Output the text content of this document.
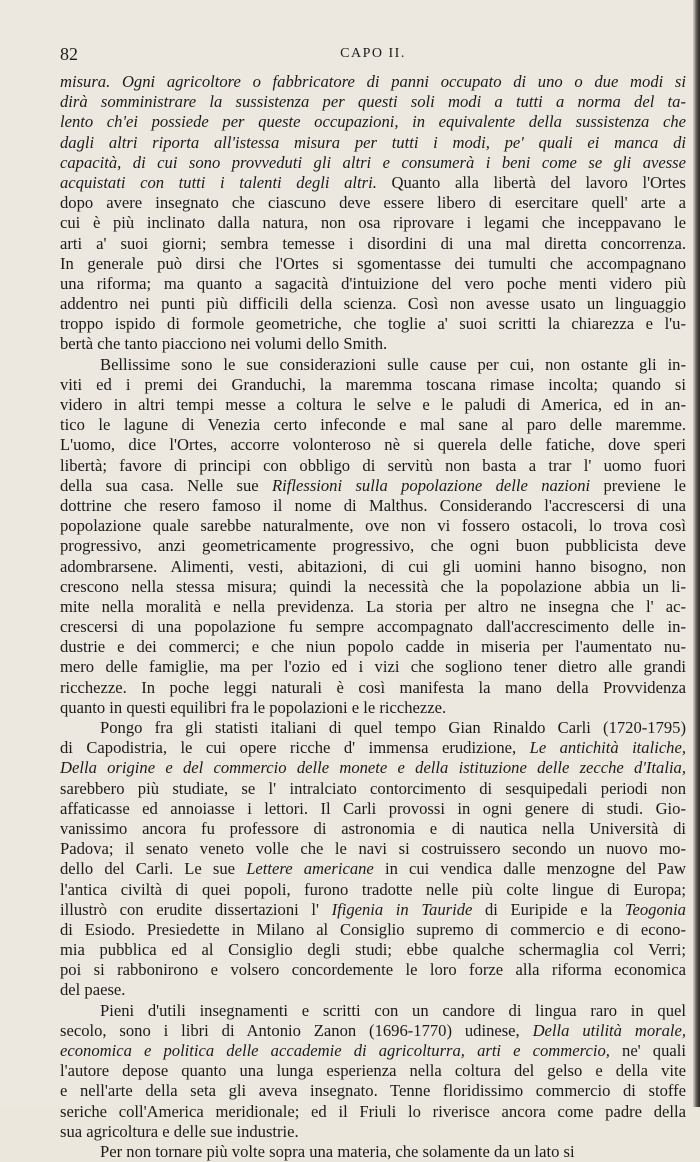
82	CAPO II.
misura. Ogni agricoltore o fabbricatore di panni occupato di uno o due modi si
dirà somministrare la sussistenza per questi soli modi a tutti a norma del ta-
lento ch'ei possiede per queste occupazioni, in equivalente della sussistenza che
dagli altri riporta all'istessa misura per tutti i modi, pe' quali ei manca di
capacità, di cui sono provveduti gli altri e consumerà i beni come se gli avesse
acquistati con tutti i talenti degli altri. Quanto alla libertà del lavoro l'Ortes
dopo avere insegnato che ciascuno deve essere libero di esercitare quell' arte a
cui è più inclinato dalla natura, non osa riprovare i legami che inceppavano le
arti a' suoi giorni; sembra temesse i disordini di una mal diretta concorrenza.
In generale può dirsi che l'Ortes si sgomentasse dei tumulti che accompagnano
una riforma; ma quanto a sagacità d'intuizione del vero poche menti videro più
addentro nei punti più difficili della scienza. Così non avesse usato un linguaggio
troppo ispido di formole geometriche, che toglie a' suoi scritti la chiarezza e l'u-
bertà che tanto piacciono nei volumi dello Smith.
Bellissime sono le sue considerazioni sulle cause per cui, non ostante gli in-
viti ed i premi dei Granduchi, la maremma toscana rimase incolta; quando si
videro in altri tempi messe a coltura le selve e le paludi di America, ed in an-
tico le lagune di Venezia certo infeconde e mal sane al paro delle maremme.
L'uomo, dice l'Ortes, accorre volonteroso nè si querela delle fatiche, dove speri
libertà; favore di principi con obbligo di servitù non basta a trar l' uomo fuori
della sua casa. Nelle sue Riflessioni sulla popolazione delle nazioni previene le
dottrine che resero famoso il nome di Malthus. Considerando l'accrescersi di una
popolazione quale sarebbe naturalmente, ove non vi fossero ostacoli, lo trova così
progressivo, anzi geometricamente progressivo, che ogni buon pubblicista deve
adombrarsene. Alimenti, vesti, abitazioni, di cui gli uomini hanno bisogno, non
crescono nella stessa misura; quindi la necessità che la popolazione abbia un li-
mite nella moralità e nella previdenza. La storia per altro ne insegna che l' ac-
crescersi di una popolazione fu sempre accompagnato dall'accrescimento delle in-
dustrie e dei commerci; e che niun popolo cadde in miseria per l'aumentato nu-
mero delle famiglie, ma per l'ozio ed i vizi che sogliono tener dietro alle grandi
ricchezze. In poche leggi naturali è così manifesta la mano della Provvidenza
quanto in questi equilibri fra le popolazioni e le ricchezze.
Pongo fra gli statisti italiani di quel tempo Gian Rinaldo Carli (1720-1795)
di Capodistria, le cui opere ricche d' immensa erudizione, Le antichità italiche,
Della origine e del commercio delle monete e della istituzione delle zecche d'Italia,
sarebbero più studiate, se l' intralciato contorcimento di sesquipedali periodi non
affaticasse ed annoiasse i lettori. Il Carli provossi in ogni genere di studi. Gio-
vanissimo ancora fu professore di astronomia e di nautica nella Università di
Padova; il senato veneto volle che le navi si costruissero secondo un nuovo mo-
dello del Carli. Le sue Lettere americane in cui vendica dalle menzogne del Paw
l'antica civiltà di quei popoli, furono tradotte nelle più colte lingue di Europa;
illustrò con erudite dissertazioni l' Ifigenia in Tauride di Euripide e la Teogonia
di Esiodo. Presiedette in Milano al Consiglio supremo di commercio e di econo-
mia pubblica ed al Consiglio degli studi; ebbe qualche schermaglia col Verri;
poi si rabbonirono e volsero concordemente le loro forze alla riforma economica
del paese.
Pieni d'utili insegnamenti e scritti con un candore di lingua raro in quel
secolo, sono i libri di Antonio Zanon (1696-1770) udinese, Della utilità morale,
economica e politica delle accademie di agricolturra, arti e commercio, ne' quali
l'autore depose quanto una lunga esperienza nella coltura del gelso e della vite
e nell'arte della seta gli aveva insegnato. Tenne floridissimo commercio di stoffe
seriche coll'America meridionale; ed il Friuli lo riverisce ancora come padre della
sua agricoltura e delle sue industrie.
Per non tornare più volte sopra una materia, che solamente da un lato si
